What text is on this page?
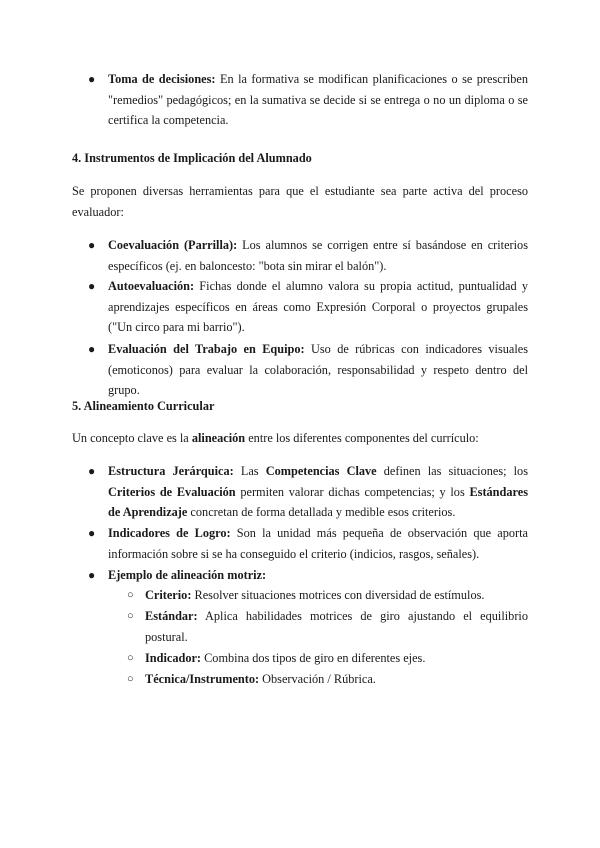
● Toma de decisiones: En la formativa se modifican planificaciones o se prescriben "remedios" pedagógicos; en la sumativa se decide si se entrega o no un diploma o se certifica la competencia.

4. Instrumentos de Implicación del Alumnado

Se proponen diversas herramientas para que el estudiante sea parte activa del proceso evaluador:

● Coevaluación (Parrilla): Los alumnos se corrigen entre sí basándose en criterios específicos (ej. en baloncesto: "bota sin mirar el balón").

● Autoevaluación: Fichas donde el alumno valora su propia actitud, puntualidad y aprendizajes específicos en áreas como Expresión Corporal o proyectos grupales ("Un circo para mi barrio").

● Evaluación del Trabajo en Equipo: Uso de rúbricas con indicadores visuales (emoticonos) para evaluar la colaboración, responsabilidad y respeto dentro del grupo.

5. Alineamiento Curricular

Un concepto clave es la alineación entre los diferentes componentes del currículo:

● Estructura Jerárquica: Las Competencias Clave definen las situaciones; los Criterios de Evaluación permiten valorar dichas competencias; y los Estándares de Aprendizaje concretan de forma detallada y medible esos criterios.

● Indicadores de Logro: Son la unidad más pequeña de observación que aporta información sobre si se ha conseguido el criterio (indicios, rasgos, señales).

● Ejemplo de alineación motriz:

○ Criterio: Resolver situaciones motrices con diversidad de estímulos.

○ Estándar: Aplica habilidades motrices de giro ajustando el equilibrio postural.

○ Indicador: Combina dos tipos de giro en diferentes ejes.

○ Técnica/Instrumento: Observación / Rúbrica.
